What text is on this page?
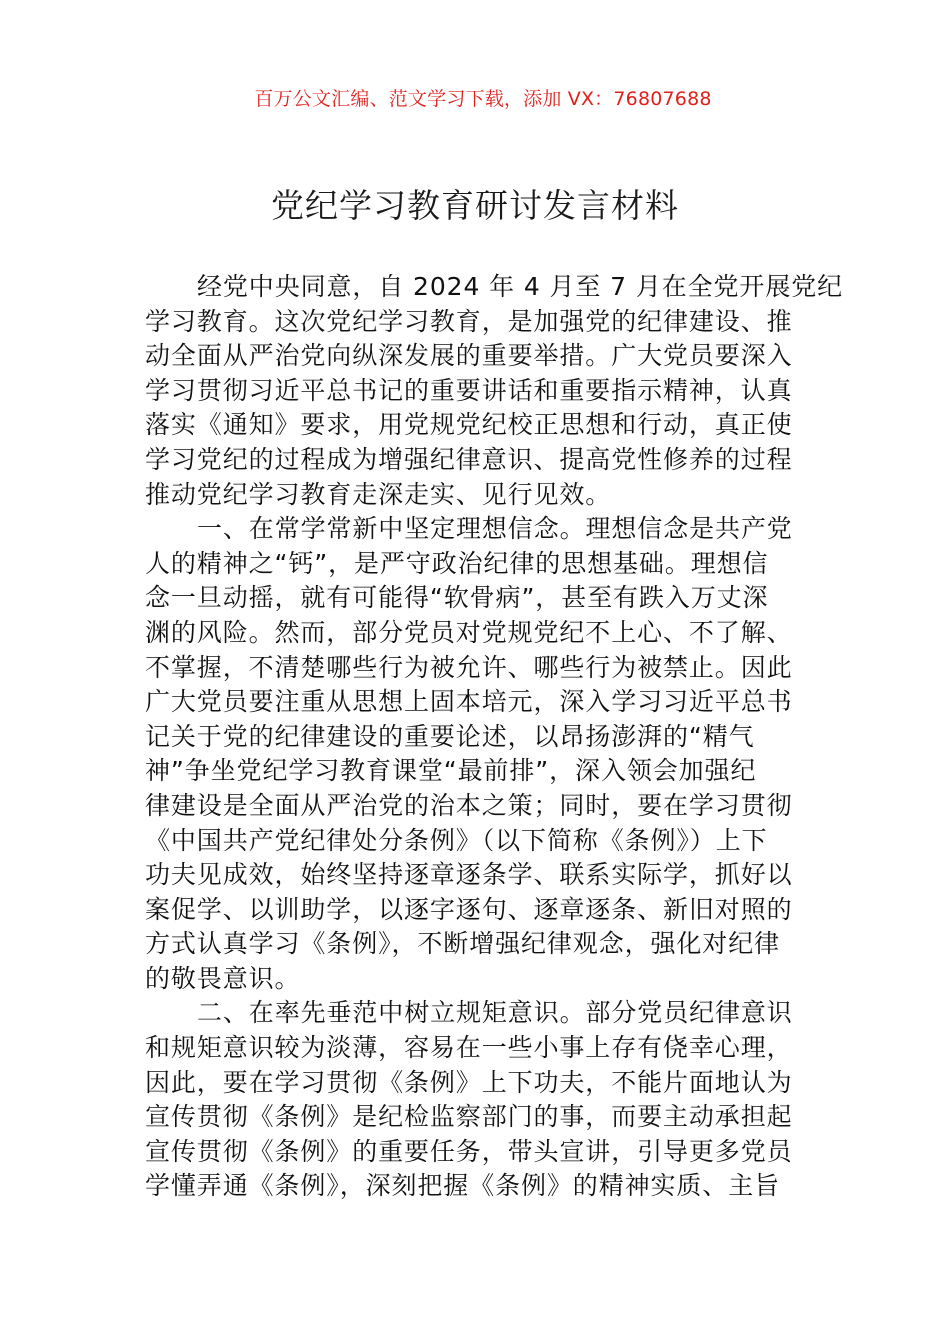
百万公文汇编、范文学习下载，添加 VX：76807688
党纪学习教育研讨发言材料
经党中央同意，自 2024 年 4 月至 7 月在全党开展党纪
学习教育。这次党纪学习教育，是加强党的纪律建设、推
动全面从严治党向纵深发展的重要举措。广大党员要深入
学习贯彻习近平总书记的重要讲话和重要指示精神，认真
落实《通知》要求，用党规党纪校正思想和行动，真正使
学习党纪的过程成为增强纪律意识、提高党性修养的过程
推动党纪学习教育走深走实、见行见效。
一、在常学常新中坚定理想信念。理想信念是共产党
人的精神之“钙”，是严守政治纪律的思想基础。理想信
念一旦动摇，就有可能得“软骨病”，甚至有跌入万丈深
渊的风险。然而，部分党员对党规党纪不上心、不了解、
不掌握，不清楚哪些行为被允许、哪些行为被禁止。因此
广大党员要注重从思想上固本培元，深入学习习近平总书
记关于党的纪律建设的重要论述，以昂扬澎湃的“精气
神”争坐党纪学习教育课堂“最前排”，深入领会加强纪
律建设是全面从严治党的治本之策；同时，要在学习贯彻
《中国共产党纪律处分条例》（以下简称《条例》）上下
功夫见成效，始终坚持逐章逐条学、联系实际学，抓好以
案促学、以训助学，以逐字逐句、逐章逐条、新旧对照的
方式认真学习《条例》，不断增强纪律观念，强化对纪律
的敬畏意识。
二、在率先垂范中树立规矩意识。部分党员纪律意识
和规矩意识较为淡薄，容易在一些小事上存有侥幸心理，
因此，要在学习贯彻《条例》上下功夫，不能片面地认为
宣传贯彻《条例》是纪检监察部门的事，而要主动承担起
宣传贯彻《条例》的重要任务，带头宣讲，引导更多党员
学懂弄通《条例》，深刻把握《条例》的精神实质、主旨
